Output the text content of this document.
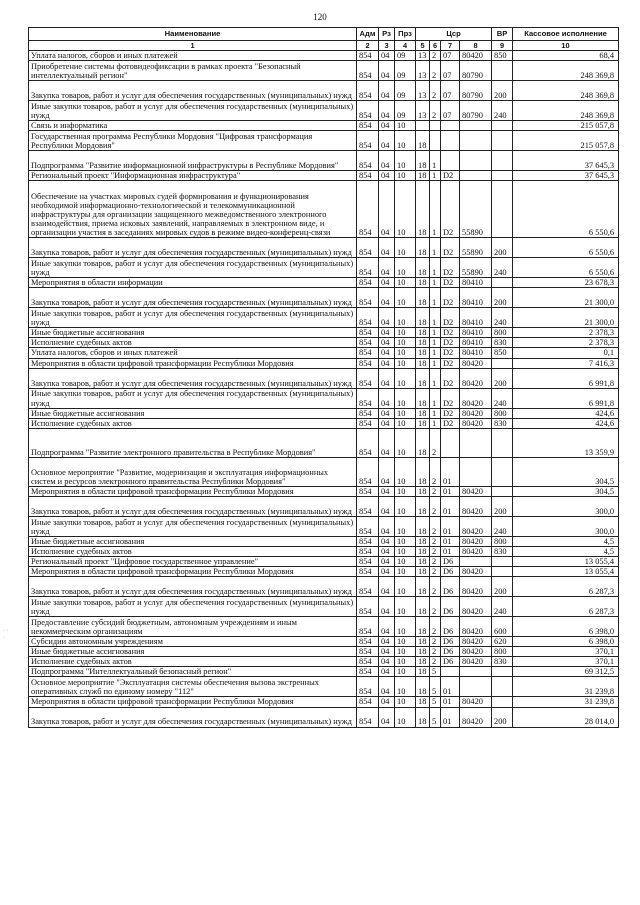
120
· · ·
Наименование	Адм	Рз	Прз	Цср				ВР	Кассовое исполнение
1	2	3	4	5	6	7	8	9	10
Уплата налогов, сборов и иных платежей	854	04	09	13	2	07	80420	850	68,4
Приобретение системы фотовидеофиксации в рамках проекта "Безопасный интеллектуальный регион"	854	04	09	13	2	07	80790		248 369,8
Закупка товаров, работ и услуг для обеспечения государственных (муниципальных) нужд	854	04	09	13	2	07	80790	200	248 369,8
Иные закупки товаров, работ и услуг для обеспечения государственных (муниципальных) нужд	854	04	09	13	2	07	80790	240	248 369,8
Связь и информатика	854	04	10						215 057,8
Государственная программа Республики Мордовия "Цифровая трансформация Республики Мордовия"	854	04	10	18					215 057,8
Подпрограмма "Развитие информационной инфраструктуры в Республике Мордовия"	854	04	10	18	1				37 645,3
Региональный проект "Информационная инфраструктура"	854	04	10	18	1	D2			37 645,3
Обеспечение на участках мировых судей формирования и функционирования необходимой информационно-технологической и телекоммуникационной инфраструктуры для организации защищенного межведомственного электронного взаимодействия, приема исковых заявлений, направляемых в электронном виде, и организации участия в заседаниях мировых судов в режиме видео-конференц-связи	854	04	10	18	1	D2	55890		6 550,6
Закупка товаров, работ и услуг для обеспечения государственных (муниципальных) нужд	854	04	10	18	1	D2	55890	200	6 550,6
Иные закупки товаров, работ и услуг для обеспечения государственных (муниципальных) нужд	854	04	10	18	1	D2	55890	240	6 550,6
Мероприятия в области информации	854	04	10	18	1	D2	80410		23 678,3
Закупка товаров, работ и услуг для обеспечения государственных (муниципальных) нужд	854	04	10	18	1	D2	80410	200	21 300,0
Иные закупки товаров, работ и услуг для обеспечения государственных (муниципальных) нужд	854	04	10	18	1	D2	80410	240	21 300,0
Иные бюджетные ассигнования	854	04	10	18	1	D2	80410	800	2 378,3
Исполнение судебных актов	854	04	10	18	1	D2	80410	830	2 378,3
Уплата налогов, сборов и иных платежей	854	04	10	18	1	D2	80410	850	0,1
Мероприятия в области цифровой трансформации Республики Мордовия	854	04	10	18	1	D2	80420		7 416,3
Закупка товаров, работ и услуг для обеспечения государственных (муниципальных) нужд	854	04	10	18	1	D2	80420	200	6 991,8
Иные закупки товаров, работ и услуг для обеспечения государственных (муниципальных) нужд	854	04	10	18	1	D2	80420	240	6 991,8
Иные бюджетные ассигнования	854	04	10	18	1	D2	80420	800	424,6
Исполнение судебных актов	854	04	10	18	1	D2	80420	830	424,6
Подпрограмма "Развитие электронного правительства в Республике Мордовия"	854	04	10	18	2				13 359,9
Основное мероприятие "Развитие, модернизация и эксплуатация информационных систем и ресурсов электронного правительства Республики Мордовия"	854	04	10	18	2	01			304,5
Мероприятия в области цифровой трансформации Республики Мордовия	854	04	10	18	2	01	80420		304,5
Закупка товаров, работ и услуг для обеспечения государственных (муниципальных) нужд	854	04	10	18	2	01	80420	200	300,0
Иные закупки товаров, работ и услуг для обеспечения государственных (муниципальных) нужд	854	04	10	18	2	01	80420	240	300,0
Иные бюджетные ассигнования	854	04	10	18	2	01	80420	800	4,5
Исполнение судебных актов	854	04	10	18	2	01	80420	830	4,5
Региональный проект "Цифровое государственное управление"	854	04	10	18	2	D6			13 055,4
Мероприятия в области цифровой трансформации Республики Мордовия	854	04	10	18	2	D6	80420		13 055,4
Закупка товаров, работ и услуг для обеспечения государственных (муниципальных) нужд	854	04	10	18	2	D6	80420	200	6 287,3
Иные закупки товаров, работ и услуг для обеспечения государственных (муниципальных) нужд	854	04	10	18	2	D6	80420	240	6 287,3
Предоставление субсидий бюджетным, автономным учреждениям и иным некоммерческим организациям	854	04	10	18	2	D6	80420	600	6 398,0
Субсидии автономным учреждениям	854	04	10	18	2	D6	80420	620	6 398,0
Иные бюджетные ассигнования	854	04	10	18	2	D6	80420	800	370,1
Исполнение судебных актов	854	04	10	18	2	D6	80420	830	370,1
Подпрограмма "Интеллектуальный безопасный регион"	854	04	10	18	5				69 312,5
Основное мероприятие "Эксплуатация системы обеспечения вызова экстренных оперативных служб по единому номеру "112"	854	04	10	18	5	01			31 239,8
Мероприятия в области цифровой трансформации Республики Мордовия	854	04	10	18	5	01	80420		31 239,8
Закупка товаров, работ и услуг для обеспечения государственных (муниципальных) нужд	854	04	10	18	5	01	80420	200	28 014,0
